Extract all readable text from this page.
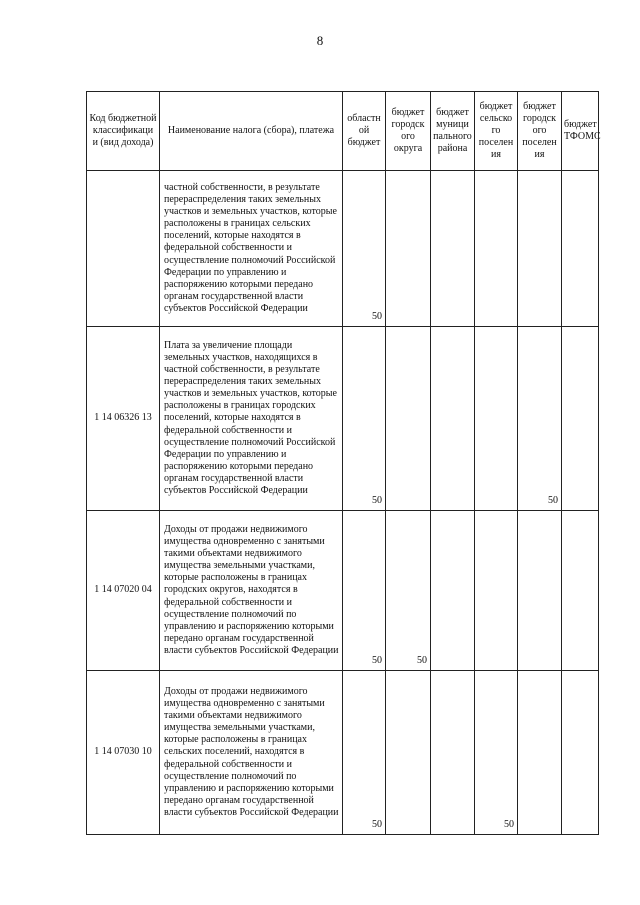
8
Код бюджетной классификаци и (вид дохода)	Наименование налога (сбора), платежа	областн ой бюджет	бюджет городск ого округа	бюджет муници пального района	бюджет сельско го поселен ия	бюджет городск ого поселен ия	бюджет ТФОМС

	частной собственности, в результате перераспределения таких земельных участков и земельных участков, которые расположены в границах сельских поселений, которые находятся в федеральной собственности и осуществление полномочий Российской Федерации по управлению и распоряжению которыми передано органам государственной власти субъектов Российской Федерации	50					
1 14 06326 13	Плата за увеличение площади земельных участков, находящихся в частной собственности, в результате перераспределения таких земельных участков и земельных участков, которые расположены в границах городских поселений, которые находятся в федеральной собственности и осуществление полномочий Российской Федерации по управлению и распоряжению которыми передано органам государственной власти субъектов Российской Федерации	50				50	
1 14 07020 04	Доходы от продажи недвижимого имущества одновременно с занятыми такими объектами недвижимого имущества земельными участками, которые расположены в границах городских округов, находятся в федеральной собственности и осуществление полномочий по управлению и распоряжению которыми передано органам государственной власти субъектов Российской Федерации	50	50				
1 14 07030 10	Доходы от продажи недвижимого имущества одновременно с занятыми такими объектами недвижимого имущества земельными участками, которые расположены в границах сельских поселений, находятся в федеральной собственности и осуществление полномочий по управлению и распоряжению которыми передано органам государственной власти субъектов Российской Федерации	50			50		
